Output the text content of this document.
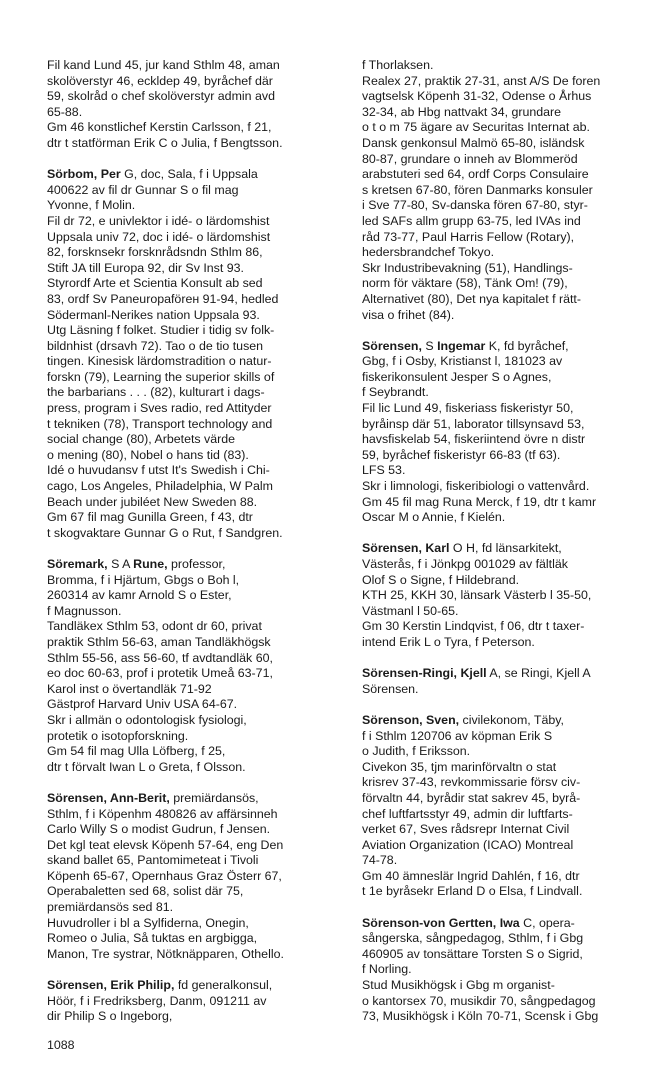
Fil kand Lund 45, jur kand Sthlm 48, aman
skolöverstyr 46, eckldep 49, byråchef där
59, skolråd o chef skolöverstyr admin avd
65-88.
Gm 46 konstlichef Kerstin Carlsson, f 21,
dtr t statförman Erik C o Julia, f Bengtsson.
Sörbom, Per G, doc, Sala, f i Uppsala
400622 av fil dr Gunnar S o fil mag
Yvonne, f Molin.
Fil dr 72, e univlektor i idé- o lärdomshist
Uppsala univ 72, doc i idé- o lärdomshist
82, forsknsekr forsknrådsndn Sthlm 86,
Stift JA till Europa 92, dir Sv Inst 93.
Styrordf Arte et Scientia Konsult ab sed
83, ordf Sv Paneuropaförен 91-94, hedled
Södermanl-Nerikes nation Uppsala 93.
Utg Läsning f folket. Studier i tidig sv folk-
bildnhist (drsavh 72). Tao o de tio tusen
tingen. Kinesisk lärdomstradition o natur-
forskn (79), Learning the superior skills of
the barbarians . . . (82), kulturart i dags-
press, program i Sves radio, red Attityder
t tekniken (78), Transport technology and
social change (80), Arbetets värde
o mening (80), Nobel o hans tid (83).
Idé o huvudansv f utst It's Swedish i Chi-
cago, Los Angeles, Philadelphia, W Palm
Beach under jubiléet New Sweden 88.
Gm 67 fil mag Gunilla Green, f 43, dtr
t skogvaktare Gunnar G o Rut, f Sandgren.
Söremark, S A Rune, professor,
Bromma, f i Hjärtum, Gbgs o Boh l,
260314 av kamr Arnold S o Ester,
f Magnusson.
Tandläkex Sthlm 53, odont dr 60, privat
praktik Sthlm 56-63, aman Tandläkhögsk
Sthlm 55-56, ass 56-60, tf avdtandläk 60,
eo doc 60-63, prof i protetik Umeå 63-71,
Karol inst o övertandläk 71-92
Gästprof Harvard Univ USA 64-67.
Skr i allmän o odontologisk fysiologi,
protetik o isotopforskning.
Gm 54 fil mag Ulla Löfberg, f 25,
dtr t förvalt Iwan L o Greta, f Olsson.
Sörensen, Ann-Berit, premiärdansös,
Sthlm, f i Köpenhm 480826 av affärsinneh
Carlo Willy S o modist Gudrun, f Jensen.
Det kgl teat elevsk Köpenh 57-64, eng Den
skand ballet 65, Pantomimeteat i Tivoli
Köpenh 65-67, Opernhaus Graz Österr 67,
Operabaletten sed 68, solist där 75,
premiärdansös sed 81.
Huvudroller i bl a Sylfiderna, Onegin,
Romeo o Julia, Så tuktas en argbigga,
Manon, Tre systrar, Nötknäpparen, Othello.
Sörensen, Erik Philip, fd generalkonsul,
Höör, f i Fredriksberg, Danm, 091211 av
dir Philip S o Ingeborg,
f Thorlaksen.
Realex 27, praktik 27-31, anst A/S De foren
vagtselsk Köpenh 31-32, Odense o Århus
32-34, ab Hbg nattvakt 34, grundare
o t o m 75 ägare av Securitas Internat ab.
Dansk genkonsul Malmö 65-80, isländsk
80-87, grundare o inneh av Blommeröd
arabstuteri sed 64, ordf Corps Consulaire
s kretsen 67-80, fören Danmarks konsuler
i Sve 77-80, Sv-danska fören 67-80, styr-
led SAFs allm grupp 63-75, led IVAs ind
råd 73-77, Paul Harris Fellow (Rotary),
hedersbrandchef Tokyo.
Skr Industribevakning (51), Handlings-
norm för väktare (58), Tänk Om! (79),
Alternativet (80), Det nya kapitalet f rätt-
visa o frihet (84).
Sörensen, S Ingemar K, fd byråchef,
Gbg, f i Osby, Kristianst l, 181023 av
fiskerikonsulent Jesper S o Agnes,
f Seybrandt.
Fil lic Lund 49, fiskeriass fiskeristyr 50,
byråinsp där 51, laborator tillsynsavd 53,
havsfiskelab 54, fiskeriintend övre n distr
59, byråchef fiskeristyr 66-83 (tf 63).
LFS 53.
Skr i limnologi, fiskeribiologi o vattenvård.
Gm 45 fil mag Runa Merck, f 19, dtr t kamr
Oscar M o Annie, f Kielén.
Sörensen, Karl O H, fd länsarkitekt,
Västerås, f i Jönkpg 001029 av fältläk
Olof S o Signe, f Hildebrand.
KTH 25, KKH 30, länsark Västerb l 35-50,
Västmanl l 50-65.
Gm 30 Kerstin Lindqvist, f 06, dtr t taxer-
intend Erik L o Tyra, f Peterson.
Sörensen-Ringi, Kjell A, se Ringi, Kjell A
Sörensen.
Sörenson, Sven, civilekonom, Täby,
f i Sthlm 120706 av köpman Erik S
o Judith, f Eriksson.
Civekon 35, tjm marinförvaltn o stat
krisrev 37-43, revkommissarie försv civ-
förvaltn 44, byrådir stat sakrev 45, byrå-
chef luftfartsstyr 49, admin dir luftfarts-
verket 67, Sves rådsrepr Internat Civil
Aviation Organization (ICAO) Montreal
74-78.
Gm 40 ämneslär Ingrid Dahlén, f 16, dtr
t 1e byråsekr Erland D o Elsa, f Lindvall.
Sörenson-von Gertten, Iwa C, opera-
sångerska, sångpedagog, Sthlm, f i Gbg
460905 av tonsättare Torsten S o Sigrid,
f Norling.
Stud Musikhögsk i Gbg m organist-
o kantorsex 70, musikdir 70, sångpedagog
73, Musikhögsk i Köln 70-71, Scensk i Gbg
1088
